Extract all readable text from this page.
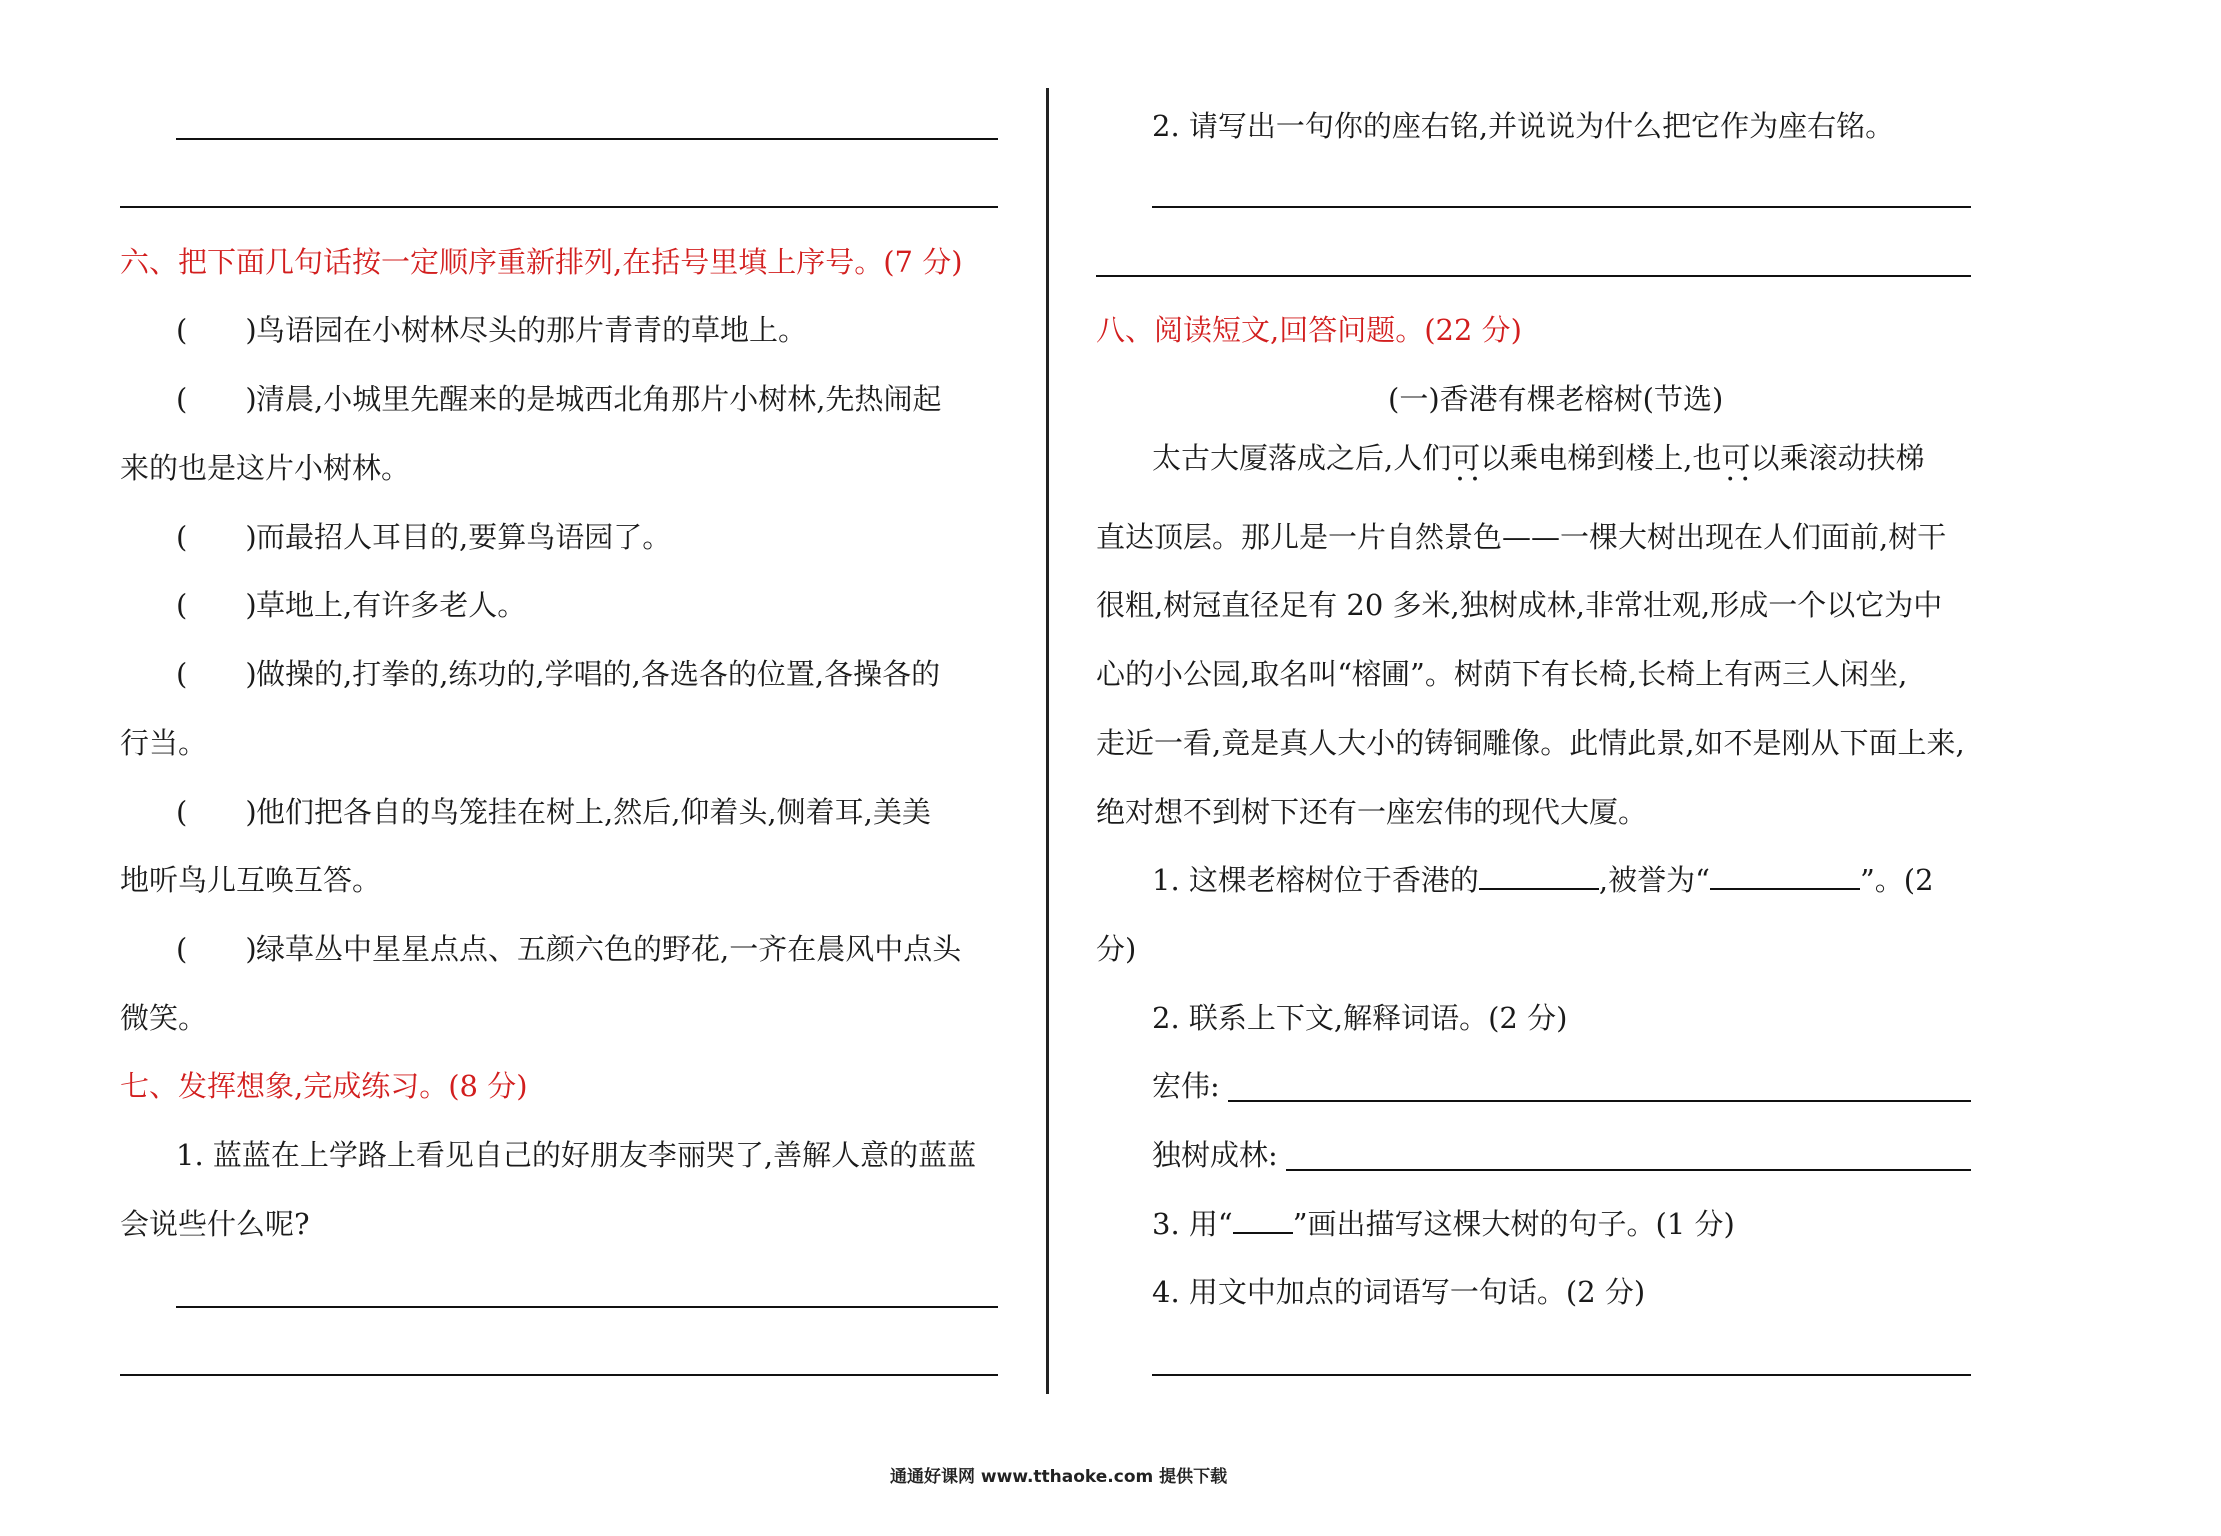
六、把下面几句话按一定顺序重新排列,在括号里填上序号。(7 分)
(　　)鸟语园在小树林尽头的那片青青的草地上。
(　　)清晨,小城里先醒来的是城西北角那片小树林,先热闹起
来的也是这片小树林。
(　　)而最招人耳目的,要算鸟语园了。
(　　)草地上,有许多老人。
(　　)做操的,打拳的,练功的,学唱的,各选各的位置,各操各的
行当。
(　　)他们把各自的鸟笼挂在树上,然后,仰着头,侧着耳,美美
地听鸟儿互唤互答。
(　　)绿草丛中星星点点、五颜六色的野花,一齐在晨风中点头
微笑。
七、发挥想象,完成练习。(8 分)
1. 蓝蓝在上学路上看见自己的好朋友李丽哭了,善解人意的蓝蓝
会说些什么呢?
2. 请写出一句你的座右铭,并说说为什么把它作为座右铭。
八、阅读短文,回答问题。(22 分)
(一)香港有棵老榕树(节选)
太古大厦落成之后,人们可以 · ·乘电梯到楼上,也可以 · ·乘滚动扶梯
直达顶层。那儿是一片自然景色——一棵大树出现在人们面前,树干
很粗,树冠直径足有 20 多米,独树成林,非常壮观,形成一个以它为中
心的小公园,取名叫“榕圃”。树荫下有长椅,长椅上有两三人闲坐,
走近一看,竟是真人大小的铸铜雕像。此情此景,如不是刚从下面上来,
绝对想不到树下还有一座宏伟的现代大厦。
1. 这棵老榕树位于香港的	,被誉为“	”。(2
分)
2. 联系上下文,解释词语。(2 分)
宏伟:
独树成林:
3. 用“ ”画出描写这棵大树的句子。(1 分)
4. 用文中加点的词语写一句话。(2 分)
通通好课网 www.tthaoke.com 提供下载
